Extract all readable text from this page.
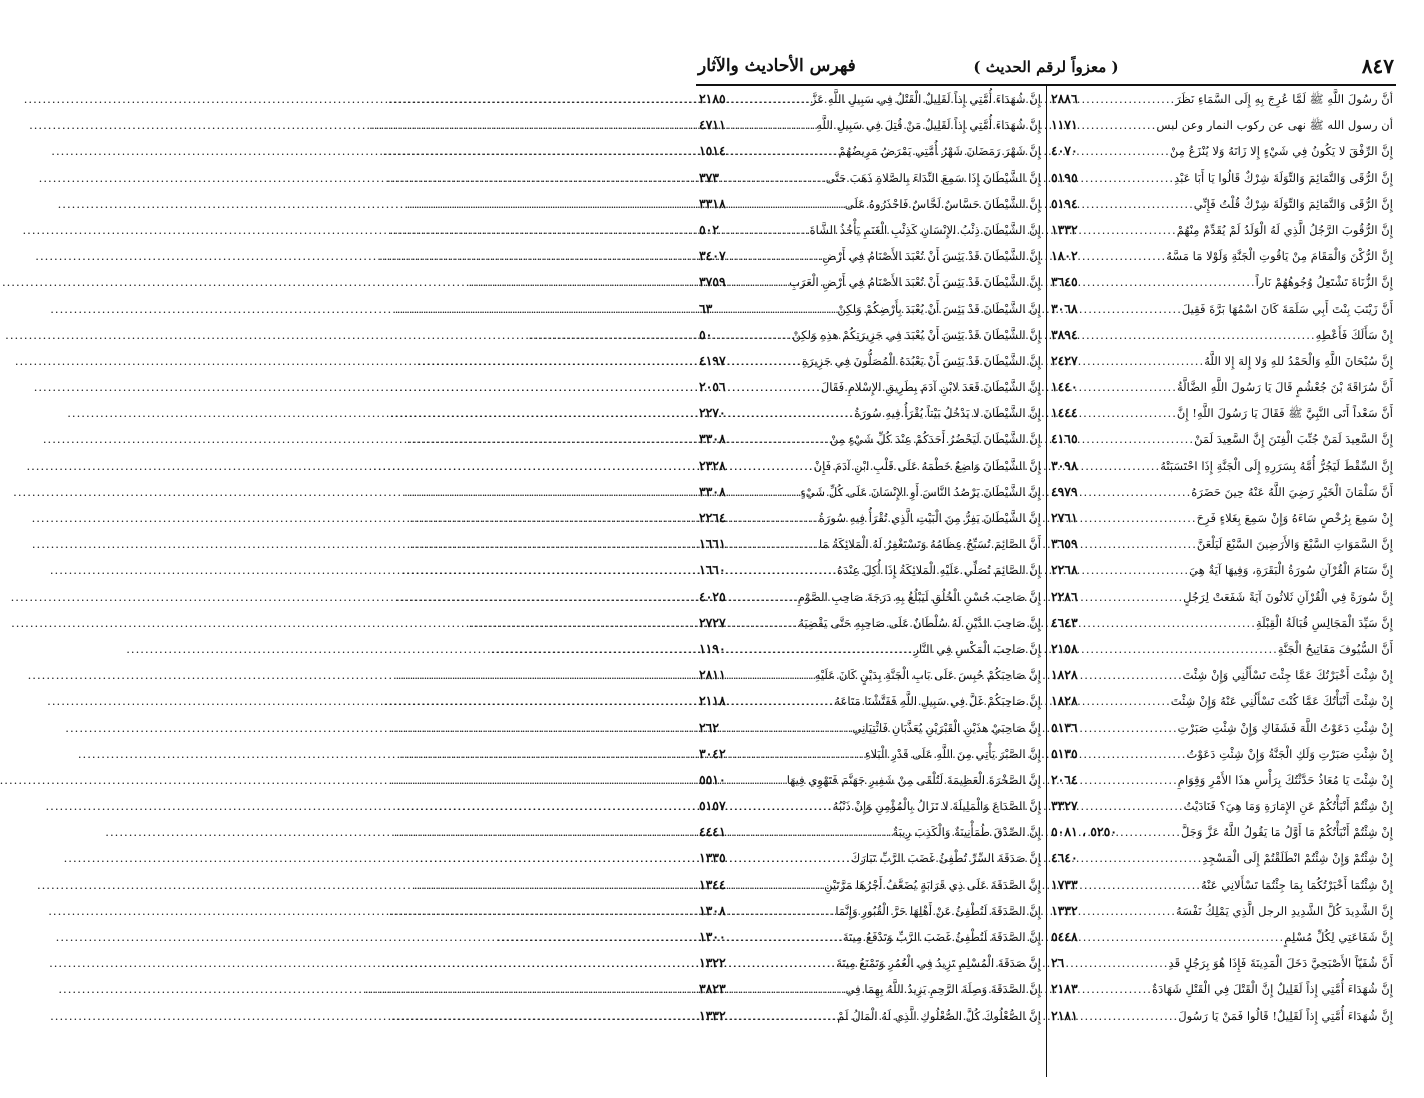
٨٤٧
( معزواً لرقم الحديث )
فهرس الأحاديث والآثار
أنَّ رسُولَ اللَّهِ ﷺ لَمَّا عُرِجَ بِهِ إِلَى السَّمَاءِ نَظَرَ
.....
٢٨٨٦
أن رسول الله ﷺ نهى عن ركوب النمار وعن لبس
.....
١١٧١
إِنَّ الرِّفْقَ لا يَكُونُ فِي شَيْءٍ إِلا زَانَهُ وَلا يُنْزَعُ مِنْ
.....
٤٠٧٠
إِنَّ الرُّقَى وَالتَّمَائِمَ وَالتِّوَلَةَ شِرْكٌ قَالُوا يَا أَبَا عَبْدِ
.....
٥١٩٥
إِنَّ الرُّقَى وَالتَّمَائِمَ وَالتِّوَلَةَ شِرْكٌ قُلْتُ فَإِنِّي
.....
٥١٩٤
إِنَّ الرُّقُوبَ الرَّجُلُ الَّذِي لَهُ الْوَلَدُ لَمْ يُقَدِّمْ مِنْهُمْ
.....
١٣٣٢
إِنَّ الرُّكْنَ وَالْمَقَامَ مِنْ يَاقُوتِ الْجَنَّةِ وَلَوْلا مَا مَسَّهُ
.....
١٨٠٢
إِنَّ الزُّنَاةَ تَشْتَعِلُ وُجُوهُهُمْ نَاراً
.....
٣٦٤٥
أَنَّ زَيْنَبَ بِنْتَ أَبِي سَلَمَةَ كَانَ اسْمُهَا بَرَّةَ فَقِيلَ
.....
٣٠٦٨
إِنْ سَأَلَكَ فَأَعْطِهِ
.....
٣٨٩٤
إِنَّ سُبْحَانَ اللَّهِ وَالْحَمْدُ للهِ وَلا إِلهَ إِلا اللَّهُ
.....
٢٤٢٧
أَنَّ سُرَاقَةَ بْنَ جُعْشُمٍ قَالَ يَا رَسُولَ اللَّهِ الضَّالَّةُ
.....
١٤٤٠
أَنَّ سَعْداً أَتَى النَّبِيَّ ﷺ فَقَالَ يَا رَسُولَ اللَّهِ! إِنَّ
.....
١٤٤٤
إِنَّ السَّعِيدَ لَمَنْ جُنِّبَ الْفِتَنَ إِنَّ السَّعِيدَ لَمَنْ
.....
٤١٦٥
إِنَّ السِّقْطَ لَيَجُرُّ أُمَّهُ بِسَرَرِهِ إِلَى الْجَنَّةِ إِذَا احْتَسَبَتْهُ
.....
٣٠٩٨
أَنَّ سَلْمَانَ الْخَيْرِ رَضِيَ اللَّهُ عَنْهُ حِينَ حَضَرَهُ
.....
٤٩٧٩
إِنْ سَمِعَ بِرُخْصٍ سَاءَهُ وَإِنْ سَمِعَ بِغَلاءٍ فَرِحَ
.....
٢٧٦١
إِنَّ السَّمَوَاتِ السَّبْعَ وَالأَرَضِينَ السَّبْعَ لَيَلْعَنَّ
.....
٣٦٥٩
إِنَّ سَنَامَ الْقُرْآنِ سُورَةُ الْبَقَرَةِ، وَفِيهَا آيَةٌ هِيَ
.....
٢٢٦٨
إِنَّ سُورَةً فِي الْقُرْآنِ ثَلاثُونَ آيَةً شَفَعَتْ لِرَجُلٍ
.....
٢٢٨٦
إِنَّ سَيِّدَ الْمَجَالِسِ قُبَالَةُ الْقِبْلَةِ
.....
٤٦٤٣
أَنَّ السُّيُوفَ مَفَاتِيحُ الْجَنَّةِ
.....
٢١٥٨
إِنْ شِئْتَ أَخْبَرْتُكَ عَمَّا جِئْتَ تَسْأَلُنِي وَإِنْ شِئْتَ
.....
١٨٢٨
إِنْ شِئْتَ أَنْبَأْتُكَ عَمَّا كُنْتَ تَسْأَلُنِي عَنْهُ وَإِنْ شِئْتَ
.....
١٨٢٨
إِنْ شِئْتِ دَعَوْتُ اللَّهَ فَشَفَاكِ وَإِنْ شِئْتِ صَبَرْتِ
.....
٥١٣٦
إِنْ شِئْتِ صَبَرْتِ وَلَكِ الْجَنَّةُ وَإِنْ شِئْتِ دَعَوْتُ
.....
٥١٣٥
إِنْ شِئْتَ يَا مُعَاذُ حَدَّثْتُكَ بِرَأْسِ هذَا الأَمْرِ وَقِوَامِ
.....
٢٠٦٤
إِنْ شِئْتُمْ أَنْبَأْتُكُمْ عَنِ الإِمَارَةِ وَمَا هِيَ؟ فَنَادَيْتُ
.....
٣٣٢٧
إِنْ شِئْتُمْ أَنْبَأْتُكُمْ مَا أَوَّلُ مَا يَقُولُ اللَّهُ عَزَّ وَجَلَّ
.....
٥٢٥٠ ، ٥٠٨١
إِنْ شِئْتُمْ وَإِنْ شِئْتُمْ انْطَلَقْتُمْ إِلَى الْمَسْجِدِ
.....
٤٦٤٠
إِنْ شِئْتُمَا أَخْبَرْتُكُمَا بِمَا جِئْتُمَا تَسْأَلانِي عَنْهُ
.....
١٧٣٣
إِنَّ الشَّدِيدَ كُلَّ الشَّدِيدِ الرجل الَّذِي يَمْلِكُ نَفْسَهُ
.....
١٣٣٢
إِنَّ شَفَاعَتِي لِكُلِّ مُسْلِمٍ
.....
٥٤٤٨
أَنَّ شُفَيّاً الأَصْبَحِيَّ دَخَلَ الْمَدِينَةَ فَإِذَا هُوَ بِرَجُلٍ قَدِ
.....
٢٦
إِنَّ شُهَدَاءَ أُمَّتِي إِذاً لَقَلِيلٌ إِنَّ الْقَتْلَ فِي الْقَتْلِ شَهَادَةٌ
.....
٢١٨٣
إِنَّ شُهَدَاءَ أُمَّتِي إِذاً لَقَلِيلٌ! قَالُوا فَمَنْ يَا رَسُولَ
.....
٢١٨١
إِنَّ شُهَدَاءَ أُمَّتِي إِذاً لَقَلِيلٌ الْقَتْلُ فِي سَبِيلِ اللَّهِ عَزَّ
.....
٢١٨٥
إِنَّ شُهَدَاءَ أُمَّتِي إِذاً لَقَلِيلٌ مَنْ قُتِلَ فِي سَبِيلِ اللَّهِ
.....
٤٧١١
إِنَّ شَهْرَ رَمَضَانَ شَهْرُ أُمَّتِي يَمْرَضُ مَرِيضُهُمْ
.....
١٥١٤
إِنَّ الشَّيْطَانَ إِذَا سَمِعَ النِّدَاءَ بِالصَّلاةِ ذَهَبَ حَتَّى
.....
٣٧٣
إِنَّ الشَّيْطَانَ حَسَّاسٌ لَحَّاسٌ فَاحْذَرُوهُ عَلَى
.....
٣٣١٨
إِنَّ الشَّيْطَانَ ذِئْبُ الإِنْسَانِ كَذِئْبِ الْغَنَمِ يَأْخُذُ الشَّاةَ
.....
٥٠٢
إِنَّ الشَّيْطَانَ قَدْ يَئِسَ أَنْ تُعْبَدَ الأَصْنَامُ فِي أَرْضِ
.....
٣٤٠٧
إِنَّ الشَّيْطَانَ قَدْ يَئِسَ أَنْ تُعْبَدَ الأَصْنَامُ فِي أَرْضِ الْعَرَبِ
.....
٣٧٥٩
إِنَّ الشَّيْطَانَ قَدْ يَئِسَ أَنْ يُعْبَدَ بِأَرْضِكُمْ وَلكِنْ
.....
٦٣
إِنَّ الشَّيْطَانَ قَدْ يَئِسَ أَنْ يُعْبَدَ فِي جَزِيرَتِكُمْ هذِهِ وَلكِنْ
.....
٥٠
إِنَّ الشَّيْطَانَ قَدْ يَئِسَ أَنْ يَعْبُدَهُ الْمُصَلُّونَ فِي جَزِيرَةِ
.....
٤١٩٧
إِنَّ الشَّيْطَانَ قَعَدَ لابْنِ آدَمَ بِطَرِيقِ الإِسْلامِ فَقَالَ
.....
٢٠٥٦
إِنَّ الشَّيْطَانَ لا يَدْخُلُ بَيْتاً يُقْرَأُ فِيهِ سُورَةُ
.....
٢٢٧٠
إِنَّ الشَّيْطَانَ لَيَحْضُرُ أَحَدَكُمْ عِنْدَ كُلِّ شَيْءٍ مِنْ
.....
٣٣٠٨
إِنَّ الشَّيْطَانَ وَاضِعٌ خَطْمَهُ عَلَى قَلْبِ ابْنِ آدَمَ فَإِنْ
.....
٢٣٢٨
إِنَّ الشَّيْطَانَ يَرْصُدُ النَّاسَ أَوِ الإِنْسَانَ عَلَى كُلِّ شَيْءٍ
.....
٣٣٠٨
إِنَّ الشَّيْطَانَ يَفِرُّ مِنَ الْبَيْتِ الَّذِي تُقْرَأُ فِيهِ سُورَةُ
.....
٢٢٦٤
أَنَّ الصَّائِمَ تُسَبِّحُ عِظَامُهُ وَتَسْتَغْفِرُ لَهُ الْمَلائِكَةُ مَا
.....
١٦٦١
إِنَّ الصَّائِمَ تُصَلِّي عَلَيْهِ الْمَلائِكَةُ إِذَا أُكِلَ عِنْدَهُ
.....
١٦٦٠
إِنَّ صَاحِبَ حُسْنِ الْخُلُقِ لَيَبْلُغُ بِهِ دَرَجَةَ صَاحِبِ الصَّوْمِ
.....
٤٠٢٥
إِنَّ صَاحِبَ الدَّيْنِ لَهُ سُلْطَانٌ عَلَى صَاحِبِهِ حَتَّى يَقْضِيَهُ
.....
٢٧٢٧
إِنَّ صَاحِبَ الْمَكْسِ فِي النَّارِ
.....
١١٩٠
إِنَّ صَاحِبَكُمْ حُبِسَ عَلَى بَابِ الْجَنَّةِ بِدَيْنٍ كَانَ عَلَيْهِ
.....
٢٨١١
إِنَّ صَاحِبَكُمْ غَلَّ فِي سَبِيلِ اللَّهِ فَفَتَّشْنَا مَتَاعَهُ
.....
٢١١٨
إِنَّ صَاحِبَيْ هذَيْنِ الْقَبْرَيْنِ يُعَذَّبَانِ فَائْتِيَانِي
.....
٢٦٢
إِنَّ الصَّبْرَ يَأْتِي مِنَ اللَّهِ عَلَى قَدْرِ الْبَلاءِ
.....
٣٠٤٢
إِنَّ الصَّخْرَةَ الْعَظِيمَةَ لَتُلْقَى مِنْ شَفِيرِ جَهَنَّمَ فَتَهْوِي فِيهَا
.....
٥٥١٠
إِنَّ الصَّدَاعَ وَالْمَلِيلَةَ لا تَزَالُ بِالْمُؤْمِنِ وَإِنْ ذَنْبُهُ
.....
٥١٥٧
إِنَّ الصِّدْقَ طُمَأْنِينَةٌ وَالْكَذِبَ رِيبَةٌ
.....
٤٤٤١
إِنَّ صَدَقَةَ السِّرِّ تُطْفِئُ غَضَبَ الرَّبِّ تَبَارَكَ
.....
١٣٣٥
إِنَّ الصَّدَقَةَ عَلَى ذِي قَرَابَةٍ يُضَعَّفُ أَجْرُهَا مَرَّتَيْنِ
.....
١٣٤٤
إِنَّ الصَّدَقَةَ لَتُطْفِئُ عَنْ أَهْلِهَا حَرَّ الْقُبُورِ وَإِنَّمَا
.....
١٣٠٨
إِنَّ الصَّدَقَةَ لَتُطْفِئُ غَضَبَ الرَّبِّ وَتَدْفَعُ مِيتَةَ
.....
١٣٠٠
إِنَّ صَدَقَةَ الْمُسْلِمِ تَزِيدُ فِي الْعُمُرِ وَتَمْنَعُ مِيتَةَ
.....
١٣٢٢
إِنَّ الصَّدَقَةَ وَصِلَةَ الرَّحِمِ يَزِيدُ اللَّهُ بِهِمَا فِي
.....
٣٨٢٣
إِنَّ الصُّعْلُوكَ كُلَّ الصُّعْلُوكِ الَّذِي لَهُ الْمَالُ لَمْ
.....
١٣٣٢
